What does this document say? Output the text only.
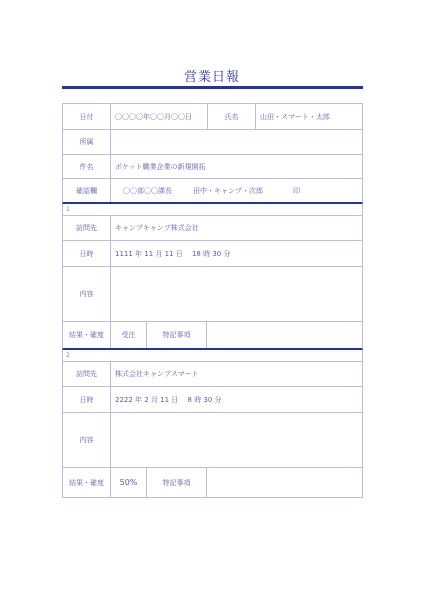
営業日報
日付	〇〇〇〇年〇〇月〇〇日	氏名	山田・スマート・太郎
所属
件名	ポケット職業企業の新規開拓
確認欄	〇〇部〇〇課長	田中・キャンプ・次郎	印
1
訪問先	キャンプキャンプ株式会社
日時	1111 年 11 月 11 日 　18 時 30 分
内容
結果・確度	受注	特記事項
2
訪問先	株式会社キャンプスマート
日時	2222 年 2 月 11 日 　8 時 30 分
内容
結果・確度	50%	特記事項
